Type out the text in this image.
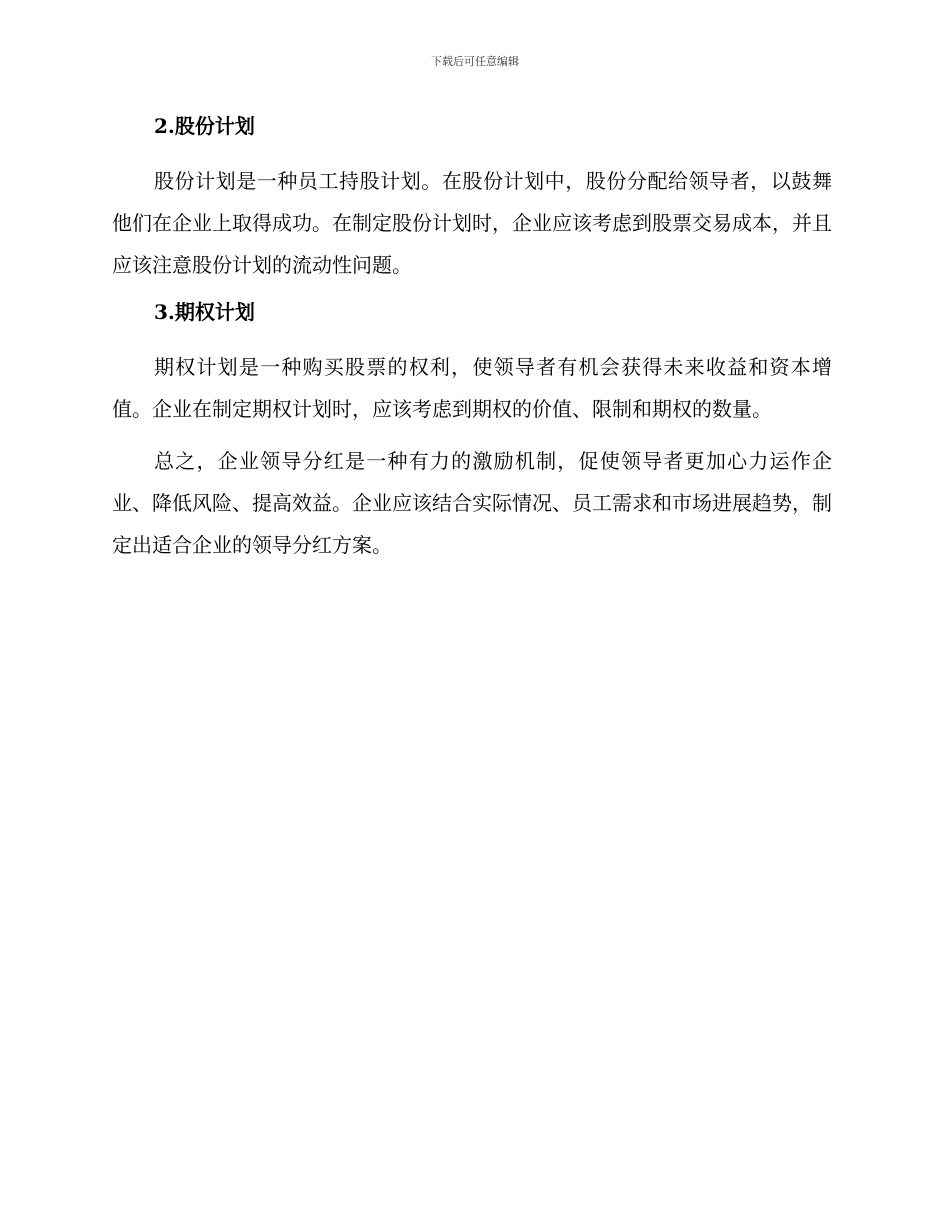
下载后可任意编辑
2.股份计划

股份计划是一种员工持股计划。在股份计划中，股份分配给领导者，以鼓舞他们在企业上取得成功。在制定股份计划时，企业应该考虑到股票交易成本，并且应该注意股份计划的流动性问题。

3.期权计划

期权计划是一种购买股票的权利，使领导者有机会获得未来收益和资本增值。企业在制定期权计划时，应该考虑到期权的价值、限制和期权的数量。

总之，企业领导分红是一种有力的激励机制，促使领导者更加心力运作企业、降低风险、提高效益。企业应该结合实际情况、员工需求和市场进展趋势，制定出适合企业的领导分红方案。
